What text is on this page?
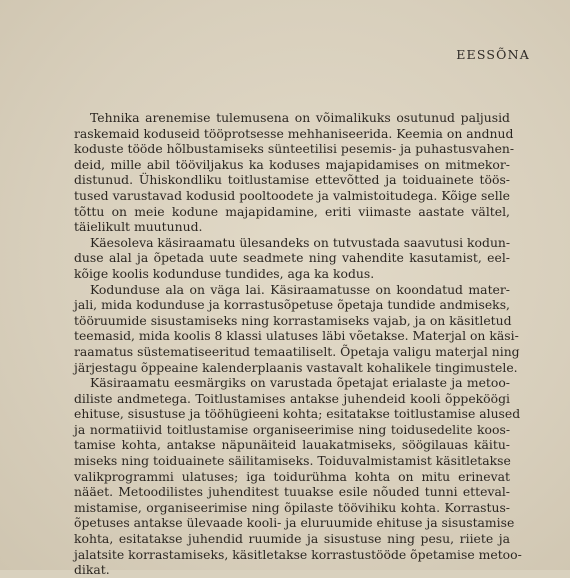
EESSÕNA
Tehnika arenemise tulemusena on võimalikuks osutunud paljusid
raskemaid koduseid tööprotsesse mehhaniseerida. Keemia on andnud
koduste tööde hõlbustamiseks sünteetilisi pesemis- ja puhastusvahen-
deid, mille abil tööviljakus ka koduses majapidamises on mitmekor-
distunud. Ühiskondliku toitlustamise ettevõtted ja toiduainete töös-
tused varustavad kodusid pooltoodete ja valmistoitudega. Kõige selle
tõttu on meie kodune majapidamine, eriti viimaste aastate vältel,
täielikult muutunud.
Käesoleva käsiraamatu ülesandeks on tutvustada saavutusi kodun-
duse alal ja õpetada uute seadmete ning vahendite kasutamist, eel-
kõige koolis kodunduse tundides, aga ka kodus.
Kodunduse ala on väga lai. Käsiraamatusse on koondatud mater-
jali, mida kodunduse ja korrastusõpetuse õpetaja tundide andmiseks,
tööruumide sisustamiseks ning korrastamiseks vajab, ja on käsitletud
teemasid, mida koolis 8 klassi ulatuses läbi võetakse. Materjal on käsi-
raamatus süstematiseeritud temaatiliselt. Õpetaja valigu materjal ning
järjestagu õppeaine kalenderplaanis vastavalt kohalikele tingimustele.
Käsiraamatu eesmärgiks on varustada õpetajat erialaste ja metoo-
diliste andmetega. Toitlustamises antakse juhendeid kooli õppeköögi
ehituse, sisustuse ja tööhügieeni kohta; esitatakse toitlustamise alused
ja normatiivid toitlustamise organiseerimise ning toidusedelite koos-
tamise kohta, antakse näpunäiteid lauakatmiseks, söögilauas käitu-
miseks ning toiduainete säilitamiseks. Toiduvalmistamist käsitletakse
valikprogrammi ulatuses; iga toidurühma kohta on mitu erinevat
nääet. Metoodilistes juhenditest tuuakse esile nõuded tunni etteval-
mistamise, organiseerimise ning õpilaste töövihiku kohta. Korrastus-
õpetuses antakse ülevaade kooli- ja eluruumide ehituse ja sisustamise
kohta, esitatakse juhendid ruumide ja sisustuse ning pesu, riiete ja
jalatsite korrastamiseks, käsitletakse korrastustööde õpetamise metoo-
dikat.
